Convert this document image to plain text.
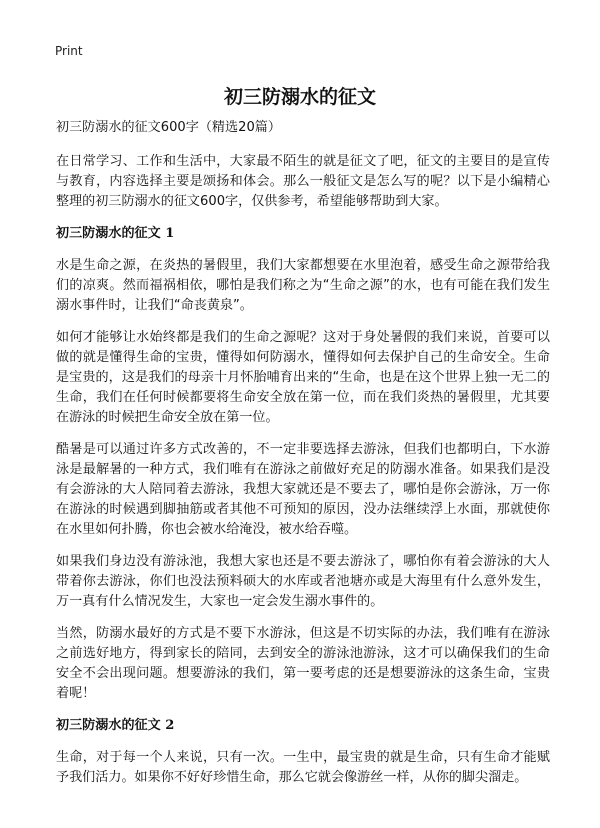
Print
初三防溺水的征文

初三防溺水的征文600字（精选20篇）

在日常学习、工作和生活中，大家最不陌生的就是征文了吧，征文的主要目的是宣传与教育，内容选择主要是颂扬和体会。那么一般征文是怎么写的呢？以下是小编精心整理的初三防溺水的征文600字，仅供参考，希望能够帮助到大家。

初三防溺水的征文 1

水是生命之源，在炎热的暑假里，我们大家都想要在水里泡着，感受生命之源带给我们的凉爽。然而福祸相依，哪怕是我们称之为“生命之源”的水，也有可能在我们发生溺水事件时，让我们“命丧黄泉”。

如何才能够让水始终都是我们的生命之源呢？这对于身处暑假的我们来说，首要可以做的就是懂得生命的宝贵，懂得如何防溺水，懂得如何去保护自己的生命安全。生命是宝贵的，这是我们的母亲十月怀胎哺育出来的“生命，也是在这个世界上独一无二的生命，我们在任何时候都要将生命安全放在第一位，而在我们炎热的暑假里，尤其要在游泳的时候把生命安全放在第一位。

酷暑是可以通过许多方式改善的，不一定非要选择去游泳，但我们也都明白，下水游泳是最解暑的一种方式，我们唯有在游泳之前做好充足的防溺水准备。如果我们是没有会游泳的大人陪同着去游泳，我想大家就还是不要去了，哪怕是你会游泳，万一你在游泳的时候遇到脚抽筋或者其他不可预知的原因，没办法继续浮上水面，那就使你在水里如何扑腾，你也会被水给淹没，被水给吞噬。

如果我们身边没有游泳池，我想大家也还是不要去游泳了，哪怕你有着会游泳的大人带着你去游泳，你们也没法预料硕大的水库或者池塘亦或是大海里有什么意外发生，万一真有什么情况发生，大家也一定会发生溺水事件的。

当然，防溺水最好的方式是不要下水游泳，但这是不切实际的办法，我们唯有在游泳之前选好地方，得到家长的陪同，去到安全的游泳池游泳，这才可以确保我们的生命安全不会出现问题。想要游泳的我们，第一要考虑的还是想要游泳的这条生命，宝贵着呢！

初三防溺水的征文 2

生命，对于每一个人来说，只有一次。一生中，最宝贵的就是生命，只有生命才能赋予我们活力。如果你不好好珍惜生命，那么它就会像游丝一样，从你的脚尖溜走。
